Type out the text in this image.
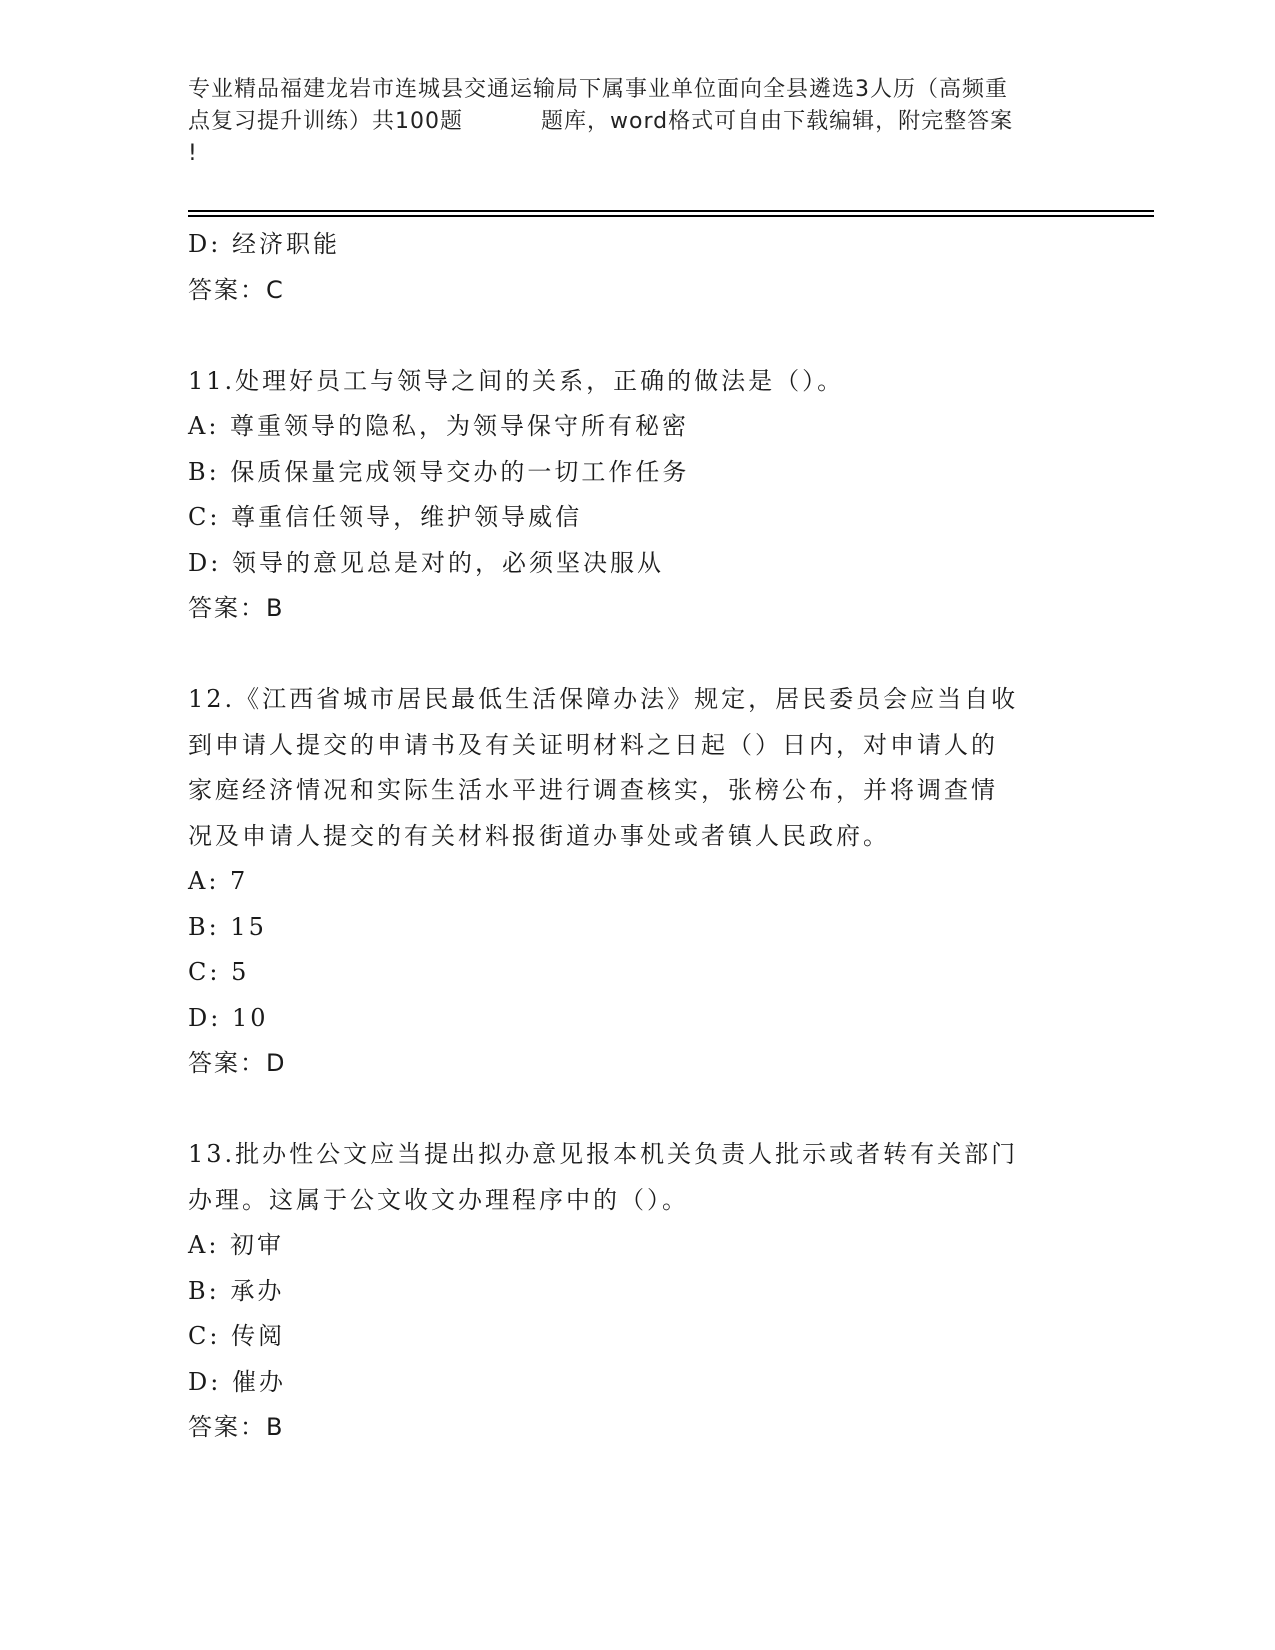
专业精品福建龙岩市连城县交通运输局下属事业单位面向全县遴选3人历（高频重
点复习提升训练）共100题	题库，word格式可自由下载编辑，附完整答案
!
D: 经济职能
答案：C
11.处理好员工与领导之间的关系，正确的做法是（）。
A: 尊重领导的隐私，为领导保守所有秘密
B: 保质保量完成领导交办的一切工作任务
C: 尊重信任领导，维护领导威信
D: 领导的意见总是对的，必须坚决服从
答案：B
12.《江西省城市居民最低生活保障办法》规定，居民委员会应当自收
到申请人提交的申请书及有关证明材料之日起（）日内，对申请人的
家庭经济情况和实际生活水平进行调查核实，张榜公布，并将调查情
况及申请人提交的有关材料报街道办事处或者镇人民政府。
A: 7
B: 15
C: 5
D: 10
答案：D
13.批办性公文应当提出拟办意见报本机关负责人批示或者转有关部门
办理。这属于公文收文办理程序中的（）。
A: 初审
B: 承办
C: 传阅
D: 催办
答案：B
